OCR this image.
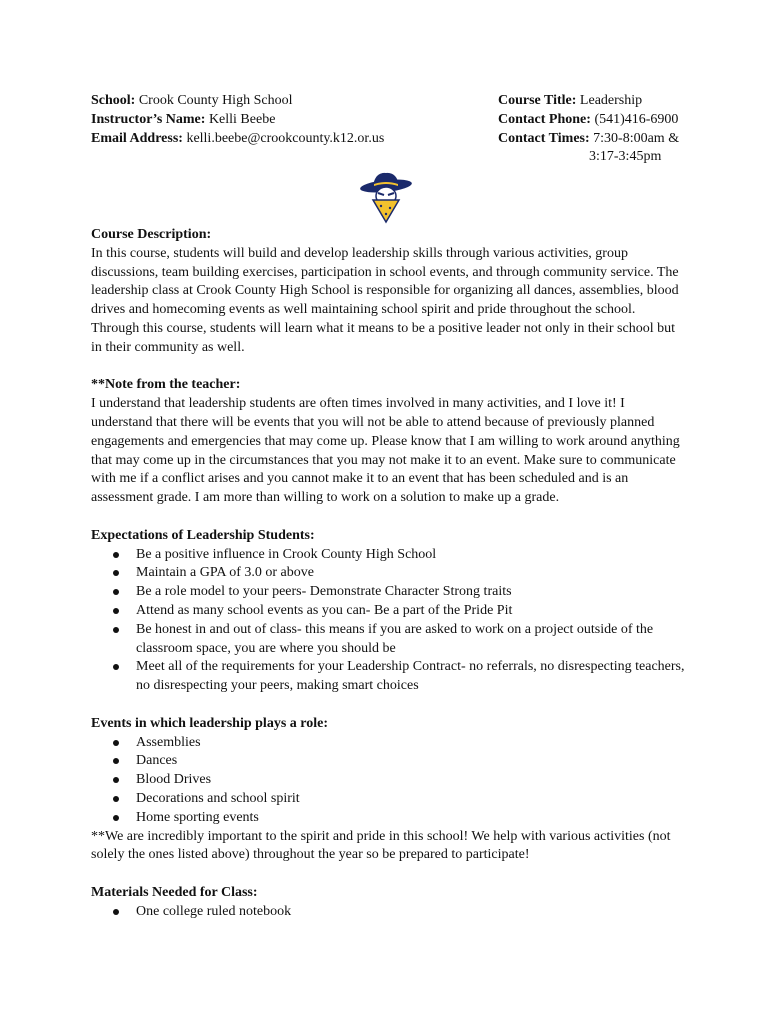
School: Crook County High School
Instructor’s Name: Kelli Beebe
Email Address: kelli.beebe@crookcounty.k12.or.us
Course Title: Leadership
Contact Phone: (541)416-6900
Contact Times: 7:30-8:00am &
3:17-3:45pm

Course Description:

In this course, students will build and develop leadership skills through various activities, group discussions, team building exercises, participation in school events, and through community service. The leadership class at Crook County High School is responsible for organizing all dances, assemblies, blood drives and homecoming events as well maintaining school spirit and pride throughout the school. Through this course, students will learn what it means to be a positive leader not only in their school but in their community as well.

**Note from the teacher:

I understand that leadership students are often times involved in many activities, and I love it! I understand that there will be events that you will not be able to attend because of previously planned engagements and emergencies that may come up. Please know that I am willing to work around anything that may come up in the circumstances that you may not make it to an event. Make sure to communicate with me if a conflict arises and you cannot make it to an event that has been scheduled and is an assessment grade. I am more than willing to work on a solution to make up a grade.

Expectations of Leadership Students:

Be a positive influence in Crook County High School
Maintain a GPA of 3.0 or above
Be a role model to your peers- Demonstrate Character Strong traits
Attend as many school events as you can- Be a part of the Pride Pit
Be honest in and out of class- this means if you are asked to work on a project outside of the classroom space, you are where you should be
Meet all of the requirements for your Leadership Contract- no referrals, no disrespecting teachers, no disrespecting your peers, making smart choices

Events in which leadership plays a role:

Assemblies
Dances
Blood Drives
Decorations and school spirit
Home sporting events

**We are incredibly important to the spirit and pride in this school! We help with various activities (not solely the ones listed above) throughout the year so be prepared to participate!

Materials Needed for Class:

One college ruled notebook
